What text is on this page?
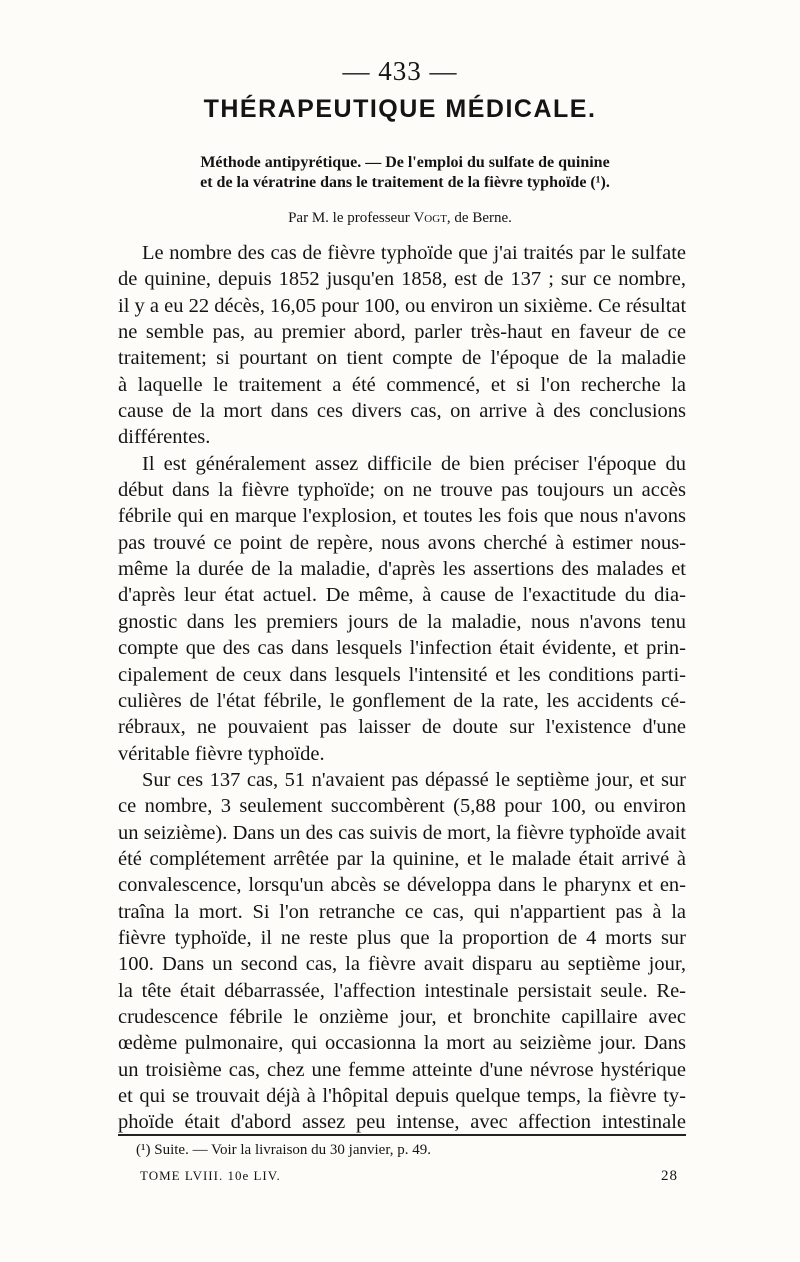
— 433 —
THÉRAPEUTIQUE MÉDICALE.
Méthode antipyrétique. — De l'emploi du sulfate de quinine
et de la vératrine dans le traitement de la fièvre typhoïde (¹).
Par M. le professeur Vogt, de Berne.
Le nombre des cas de fièvre typhoïde que j'ai traités par le sulfate
de quinine, depuis 1852 jusqu'en 1858, est de 137 ; sur ce nombre,
il y a eu 22 décès, 16,05 pour 100, ou environ un sixième. Ce résultat
ne semble pas, au premier abord, parler très-haut en faveur de ce
traitement; si pourtant on tient compte de l'époque de la maladie
à laquelle le traitement a été commencé, et si l'on recherche la
cause de la mort dans ces divers cas, on arrive à des conclusions
différentes.
Il est généralement assez difficile de bien préciser l'époque du
début dans la fièvre typhoïde; on ne trouve pas toujours un accès
fébrile qui en marque l'explosion, et toutes les fois que nous n'avons
pas trouvé ce point de repère, nous avons cherché à estimer nous-
même la durée de la maladie, d'après les assertions des malades et
d'après leur état actuel. De même, à cause de l'exactitude du dia-
gnostic dans les premiers jours de la maladie, nous n'avons tenu
compte que des cas dans lesquels l'infection était évidente, et prin-
cipalement de ceux dans lesquels l'intensité et les conditions parti-
culières de l'état fébrile, le gonflement de la rate, les accidents cé-
rébraux, ne pouvaient pas laisser de doute sur l'existence d'une
véritable fièvre typhoïde.
Sur ces 137 cas, 51 n'avaient pas dépassé le septième jour, et sur
ce nombre, 3 seulement succombèrent (5,88 pour 100, ou environ
un seizième). Dans un des cas suivis de mort, la fièvre typhoïde avait
été complétement arrêtée par la quinine, et le malade était arrivé à
convalescence, lorsqu'un abcès se développa dans le pharynx et en-
traîna la mort. Si l'on retranche ce cas, qui n'appartient pas à la
fièvre typhoïde, il ne reste plus que la proportion de 4 morts sur
100. Dans un second cas, la fièvre avait disparu au septième jour,
la tête était débarrassée, l'affection intestinale persistait seule. Re-
crudescence fébrile le onzième jour, et bronchite capillaire avec
œdème pulmonaire, qui occasionna la mort au seizième jour. Dans
un troisième cas, chez une femme atteinte d'une névrose hystérique
et qui se trouvait déjà à l'hôpital depuis quelque temps, la fièvre ty-
phoïde était d'abord assez peu intense, avec affection intestinale
(¹) Suite. — Voir la livraison du 30 janvier, p. 49.
TOME LVIII. 10e LIV.	28
